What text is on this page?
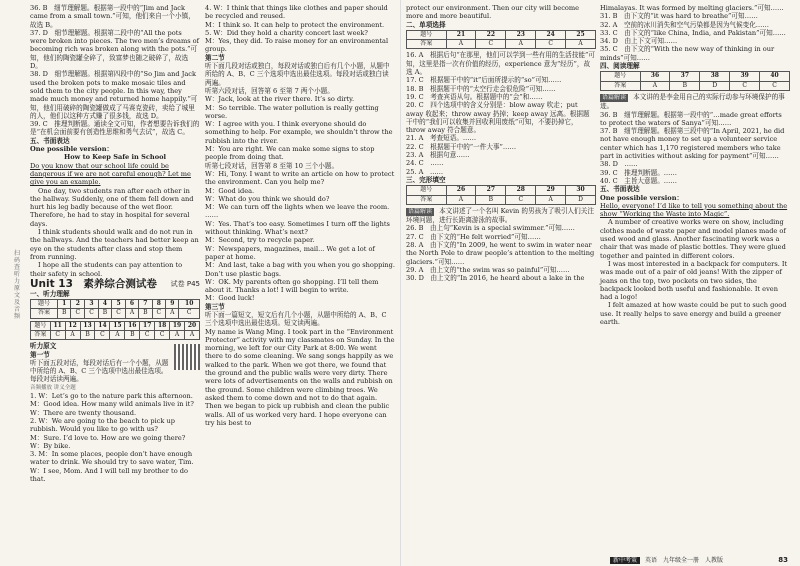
扫码 查听 力原 文及 音频
36. B　细节理解题。根据第一段中的“Jim and Jack came from a small town.”可知，他们来自一个小镇，故选 B。
37. D　细节理解题。根据第二段中的“All the pots were broken into pieces. The two men’s dreams of becoming rich was broken along with the pots.”可知，他们的陶瓷罐全碎了，致富梦也随之破碎了，故选 D。
38. D　细节理解题。根据第四段中的“So Jim and Jack used the broken pots to make mosaic tiles and sold them to the city people. In this way, they made much money and returned home happily.”可知，他们用破碎的陶瓷罐做成了马赛克瓷砖，卖给了城里的人，他们以这种方式赚了很多钱，故选 D。
39. C　推理判断题。通读全文可知，作者想要告诉我们的是“在机会面前要有创造性思维和勇气去试”，故选 C。
五、书面表达
One possible version：
How to Keep Safe in School
Do you know that our school life could be dangerous if we are not careful enough? Let me give you an example.
One day, two students ran after each other in the hallway. Suddenly, one of them fell down and hurt his leg badly because of the wet floor. Therefore, he had to stay in hospital for several days.
I think students should walk and do not run in the hallways. And the teachers had better keep an eye on the students after class and stop them from running.
I hope all the students can pay attention to their safety in school.
Unit 13　素养综合测试卷 试卷 P45
一、听力理解
题号	1	2	3	4	5	6	7	8	9	10
答案	B	C	C	B	C	A	B	C	A	C
题号	11	12	13	14	15	16	17	18	19	20
答案	C	A	B	C	A	B	C	C	A	A
听力原文
第一节
听下面五段对话，每段对话后有一个小题，从题中所给的 A、B、C 三个选项中选出最佳选项。每段对话读两遍。
音频播放 讲义全题
1. W：Let’s go to the nature park this afternoon.
M：Good idea. How many wild animals live in it?
W：There are twenty thousand.
2. W：We are going to the beach to pick up rubbish. Would you like to go with us?
M：Sure. I’d love to. How are we going there?
W：By bike.
3. M：In some places, people don’t have enough water to drink. We should try to save water, Tim.
W：I see, Mom. And I will tell my brother to do that.
4. W：I think that things like clothes and paper should be recycled and reused.
M：I think so. It can help to protect the environment.
5. W：Did they hold a charity concert last week?
M：Yes, they did. To raise money for an environmental group.
第二节
听下面几段对话或独白，每段对话或独白后有几个小题，从题中所给的 A、B、C 三个选项中选出最佳选项。每段对话或独白读两遍。
听第六段对话，回答第 6 至第 7 两个小题。
W：Jack, look at the river there. It’s so dirty.
M：So terrible. The water pollution is really getting worse.
W：I agree with you. I think everyone should do something to help. For example, we shouldn’t throw the rubbish into the river.
M：You are right. We can make some signs to stop people from doing that.
听第七段对话，回答第 8 至第 10 三个小题。
W：Hi, Tony. I want to write an article on how to protect the environment. Can you help me?
M：Good idea.
W：What do you think we should do?
M：We can turn off the lights when we leave the room. ……
W：Yes. That’s too easy. Sometimes I turn off the lights without thinking. What’s next?
M：Second, try to recycle paper.
W：Newspapers, magazines, mail... We get a lot of paper at home.
M：And last, take a bag with you when you go shopping. Don’t use plastic bags.
W：OK. My parents often go shopping. I’ll tell them about it. Thanks a lot! I will begin to write.
M：Good luck!
第三节
听下面一篇短文，短文后有几个小题，从题中所给的 A、B、C 三个选项中选出最佳选项。短文读两遍。
My name is Wang Ming. I took part in the “Environment Protector” activity with my classmates on Sunday. In the morning, we left for our City Park at 8:00. We went there to do some cleaning. We sang songs happily as we walked to the park. When we got there, we found that the ground and the public walls were very dirty. There were lots of advertisements on the walls and rubbish on the ground. Some children were climbing trees. We asked them to come down and not to do that again. Then we began to pick up rubbish and clean the public walls. All of us worked very hard. I hope everyone can try his best to
protect our environment. Then our city will become more and more beautiful.
二、单项选择
题号	21	22	23	24	25
答案	A	C	A	C	A
16. A　根据后句“在那里，他们可以学到一些有用的生活技能”可知，这里是指一次有价值的经历，experience 意为“经历”，故选 A。
17. C　根据题干中的“it”后面所提示的“so”可知……
18. B　根据题干中的“太空行走会很危险”可知……
19. C　考查宾语从句。根据题中的“会”和……
20. C　四个选项中的含义分别是：blow away 吹走；put away 收起来；throw away 扔掉；keep away 远离。根据题干中的“我们可以收集并回收利用废纸”可知，不要扔掉它，throw away 符合题意。
21. A　考查短语。……
22. C　根据题干中的“一件大事”……
23. A　根据句意……
24. C　……
25. A　……
三、完形填空
题号	26	27	28	29	30
答案	A	B	C	A	D
语篇解读 本文讲述了一个名叫 Kevin 的男孩为了吸引人们关注环境问题，进行长距离游泳的故事。
26. B　由上句“Kevin is a special swimmer.”可知……
27. C　由下文的“He felt worried”可知……
28. A　由下文的“In 2009, he went to swim in water near the North Pole to draw people’s attention to the melting glaciers.”可知……
29. A　由上文的“the swim was so painful”可知……
30. D　由上文的“In 2016, he heard about a lake in the
Himalayas. It was formed by melting glaciers.”可知……
31. B　由下文的“it was hard to breathe”可知……
32. A　空前的冰川消失和空气污染都是因为气候变化……
33. C　由下文的“like China, India, and Pakistan”可知……
34. D　由上下文可知……
35. C　由下文的“With the new way of thinking in our minds”可知……
四、阅读理解
题号	36	37	38	39	40
答案	A	B	D	C	C
语篇解读 本文讲的是李金用自己的实际行动参与环境保护的事迹。
36. B　细节理解题。根据第一段中的“…made great efforts to protect the waters of Sanya”可知……
37. B　细节理解题。根据第三段中的“In April, 2021, he did not have enough money to set up a volunteer service center which has 1,170 registered members who take part in activities without asking for payment”可知……
38. D　……
39. C　推理判断题。……
40. C　主旨大意题。……
五、书面表达
One possible version：
Hello, everyone! I’d like to tell you something about the show “Working the Waste into Magic”.
A number of creative works were on show, including clothes made of waste paper and model planes made of used wood and glass. Another fascinating work was a chair that was made of plastic bottles. They were glued together and painted in different colors.
I was most interested in a backpack for computers. It was made out of a pair of old jeans! With the zipper of jeans on the top, two pockets on two sides, the backpack looked both useful and fashionable. It even had a logo!
I felt amazed at how waste could be put to such good use. It really helps to save energy and build a greener earth.
新中考策 英语　九年级全一册　人教版	83
